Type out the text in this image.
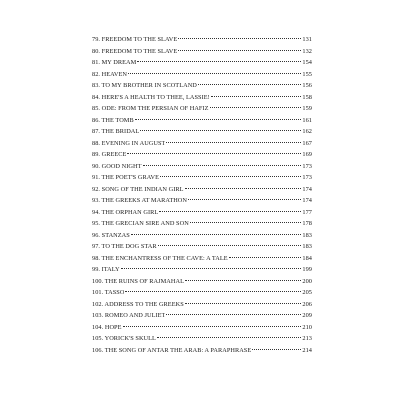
79. FREEDOM TO THE SLAVE	131
80. FREEDOM TO THE SLAVE	132
81. MY DREAM	154
82. HEAVEN	155
83. TO MY BROTHER IN SCOTLAND	156
84. HERE'S A HEALTH TO THEE, LASSIE!	158
85. ODE: FROM THE PERSIAN OF HAFIZ	159
86. THE TOMB	161
87. THE BRIDAL	162
88. EVENING IN AUGUST	167
89. GREECE	169
90. GOOD NIGHT	173
91. THE POET'S GRAVE	173
92. SONG OF THE INDIAN GIRL	174
93. THE GREEKS AT MARATHON	174
94. THE ORPHAN GIRL	177
95. THE GRECIAN SIRE AND SON	178
96. STANZAS	183
97. TO THE DOG STAR	183
98. THE ENCHANTRESS OF THE CAVE: A TALE	184
99. ITALY	199
100. THE RUINS OF RAJMAHAL	200
101. TASSO	205
102. ADDRESS TO THE GREEKS	206
103. ROMEO AND JULIET	209
104. HOPE	210
105. YORICK'S SKULL	213
106. THE SONG OF ANTAR THE ARAB: A PARAPHRASE	214
